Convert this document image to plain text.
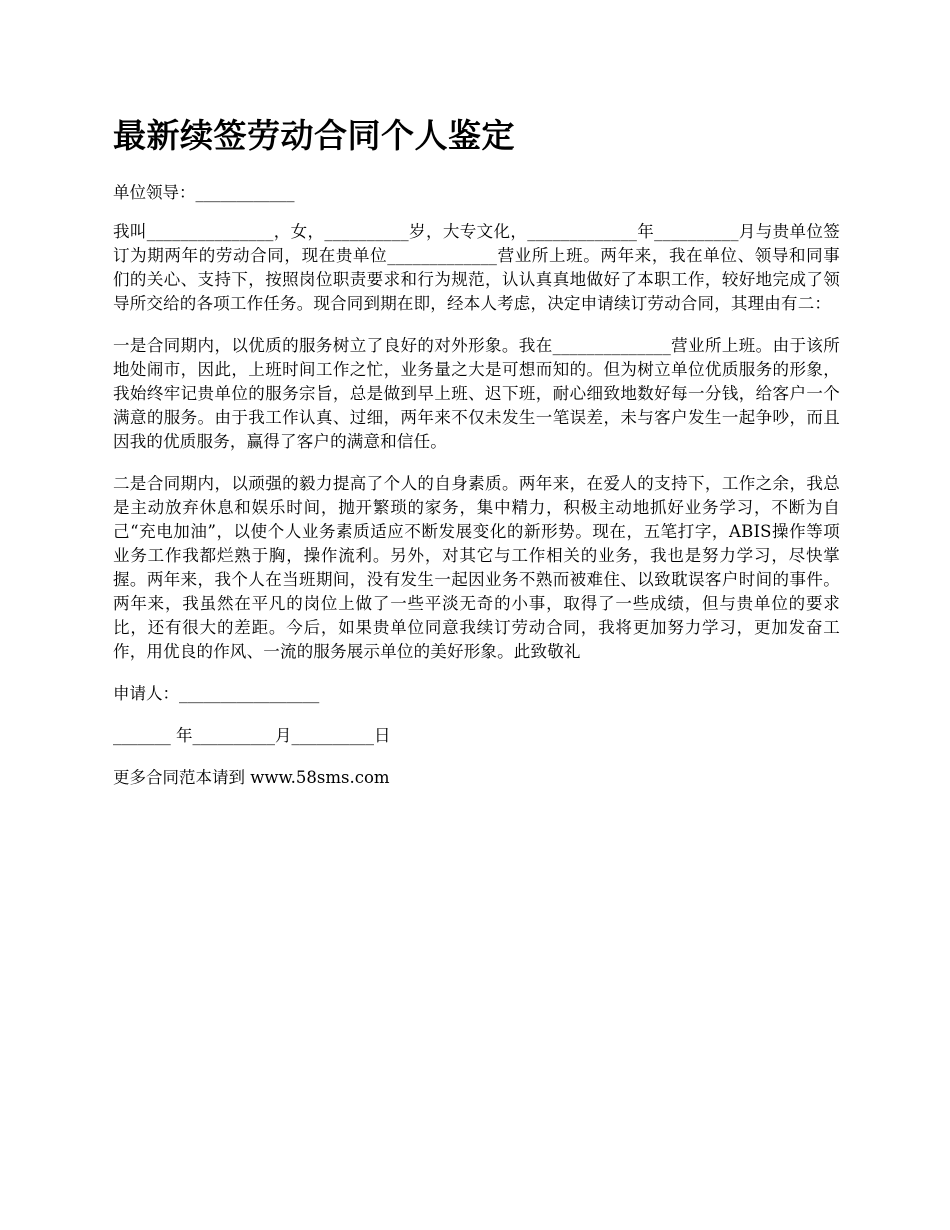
最新续签劳动合同个人鉴定

单位领导：____________

我叫_______________，女，__________岁，大专文化，_____________年__________月与贵单位签订为期两年的劳动合同，现在贵单位_____________营业所上班。两年来，我在单位、领导和同事们的关心、支持下，按照岗位职责要求和行为规范，认认真真地做好了本职工作，较好地完成了领导所交给的各项工作任务。现合同到期在即，经本人考虑，决定申请续订劳动合同，其理由有二：

一是合同期内，以优质的服务树立了良好的对外形象。我在______________营业所上班。由于该所地处闹市，因此，上班时间工作之忙，业务量之大是可想而知的。但为树立单位优质服务的形象，我始终牢记贵单位的服务宗旨，总是做到早上班、迟下班，耐心细致地数好每一分钱，给客户一个满意的服务。由于我工作认真、过细，两年来不仅未发生一笔误差，未与客户发生一起争吵，而且因我的优质服务，赢得了客户的满意和信任。

二是合同期内，以顽强的毅力提高了个人的自身素质。两年来，在爱人的支持下，工作之余，我总是主动放弃休息和娱乐时间，抛开繁琐的家务，集中精力，积极主动地抓好业务学习，不断为自己“充电加油”，以使个人业务素质适应不断发展变化的新形势。现在，五笔打字，ABIS操作等项业务工作我都烂熟于胸，操作流利。另外，对其它与工作相关的业务，我也是努力学习，尽快掌握。两年来，我个人在当班期间，没有发生一起因业务不熟而被难住、以致耽误客户时间的事件。两年来，我虽然在平凡的岗位上做了一些平淡无奇的小事，取得了一些成绩，但与贵单位的要求比，还有很大的差距。今后，如果贵单位同意我续订劳动合同，我将更加努力学习，更加发奋工作，用优良的作风、一流的服务展示单位的美好形象。此致敬礼

申请人：_________________

_______ 年__________月__________日

更多合同范本请到 www.58sms.com
